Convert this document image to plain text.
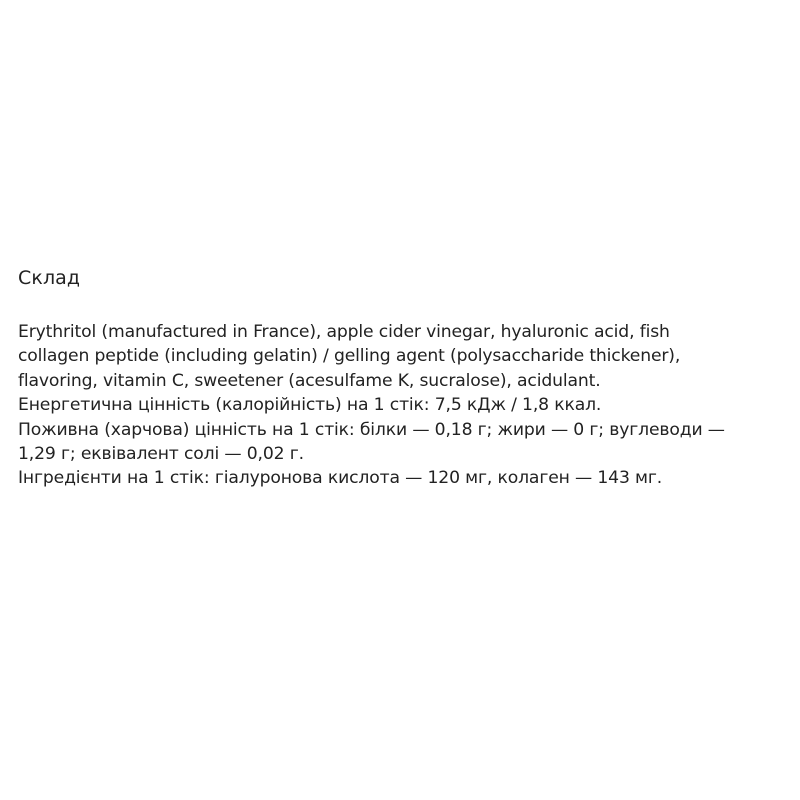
Склад
Erythritol (manufactured in France), apple cider vinegar, hyaluronic acid, fish
collagen peptide (including gelatin) / gelling agent (polysaccharide thickener),
flavoring, vitamin C, sweetener (acesulfame K, sucralose), acidulant.
Енергетична цінність (калорійність) на 1 стік: 7,5 кДж / 1,8 ккал.
Поживна (харчова) цінність на 1 стік: білки — 0,18 г; жири — 0 г; вуглеводи —
1,29 г; еквівалент солі — 0,02 г.
Інгредієнти на 1 стік: гіалуронова кислота — 120 мг, колаген — 143 мг.
